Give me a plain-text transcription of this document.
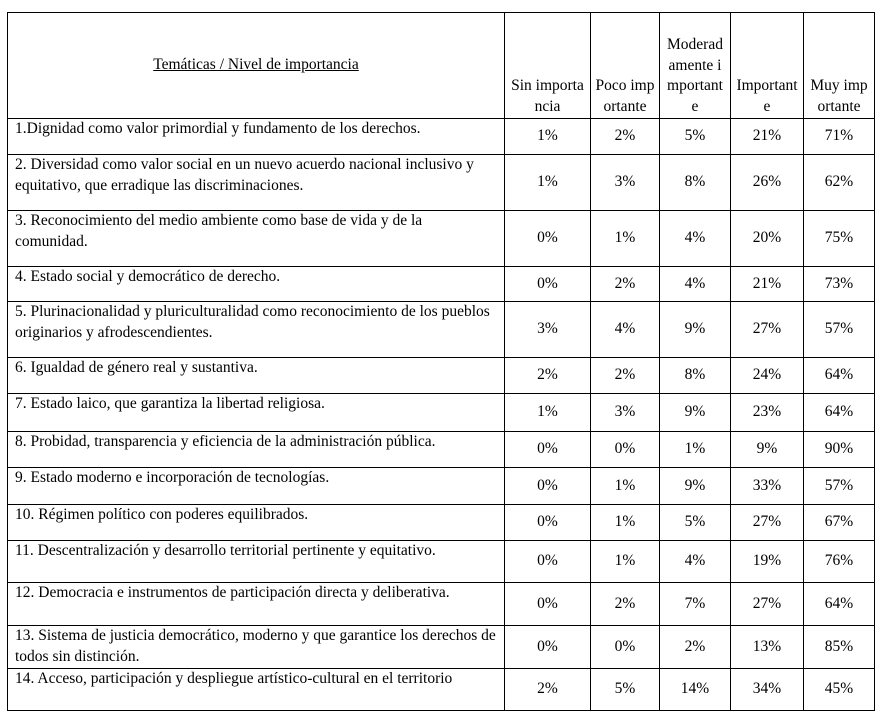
Temáticas / Nivel de importancia	Sin importancia	Poco importante	Moderadamente importante	Importante	Muy importante
1.Dignidad como valor primordial y fundamento de los derechos.	1%	2%	5%	21%	71%
2. Diversidad como valor social en un nuevo acuerdo nacional inclusivo y equitativo, que erradique las discriminaciones.	1%	3%	8%	26%	62%
3. Reconocimiento del medio ambiente como base de vida y de la comunidad.	0%	1%	4%	20%	75%
4. Estado social y democrático de derecho.	0%	2%	4%	21%	73%
5. Plurinacionalidad y pluriculturalidad como reconocimiento de los pueblos originarios y afrodescendientes.	3%	4%	9%	27%	57%
6. Igualdad de género real y sustantiva.	2%	2%	8%	24%	64%
7. Estado laico, que garantiza la libertad religiosa.	1%	3%	9%	23%	64%
8. Probidad, transparencia y eficiencia de la administración pública.	0%	0%	1%	9%	90%
9. Estado moderno e incorporación de tecnologías.	0%	1%	9%	33%	57%
10. Régimen político con poderes equilibrados.	0%	1%	5%	27%	67%
11. Descentralización y desarrollo territorial pertinente y equitativo.	0%	1%	4%	19%	76%
12. Democracia e instrumentos de participación directa y deliberativa.	0%	2%	7%	27%	64%
13. Sistema de justicia democrático, moderno y que garantice los derechos de todos sin distinción.	0%	0%	2%	13%	85%
14. Acceso, participación y despliegue artístico-cultural en el territorio	2%	5%	14%	34%	45%
